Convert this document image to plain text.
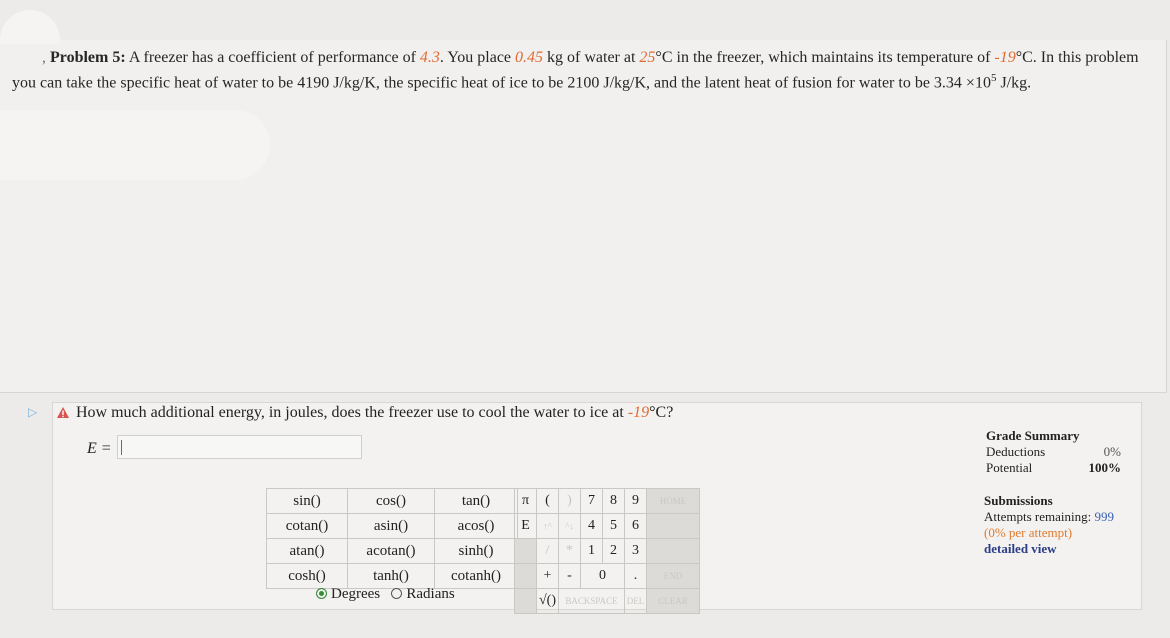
, Problem 5: A freezer has a coefficient of performance of 4.3. You place 0.45 kg of water at 25°C in the freezer, which maintains its temperature of -19°C. In this problem you can take the specific heat of water to be 4190 J/kg/K, the specific heat of ice to be 2100 J/kg/K, and the latent heat of fusion for water to be $3.34 \times 10^5$ J/kg.
▷ How much additional energy, in joules, does the freezer use to cool the water to ice at -19°C?
E =
sin()	cos()	tan()
cotan()	asin()	acos()
atan()	acotan()	sinh()
cosh()	tanh()	cotanh()
Degrees Radians
π	(	)	7	8	9	HOME
E	↑^	^↓	4	5	6	
	/	*	1	2	3	
	+	-	0		.	END
	√()	BACKSPACE			DEL	CLEAR
Grade Summary
Deductions	0%
Potential	100%
Submissions
Attempts remaining: 999
(0% per attempt)
detailed view
